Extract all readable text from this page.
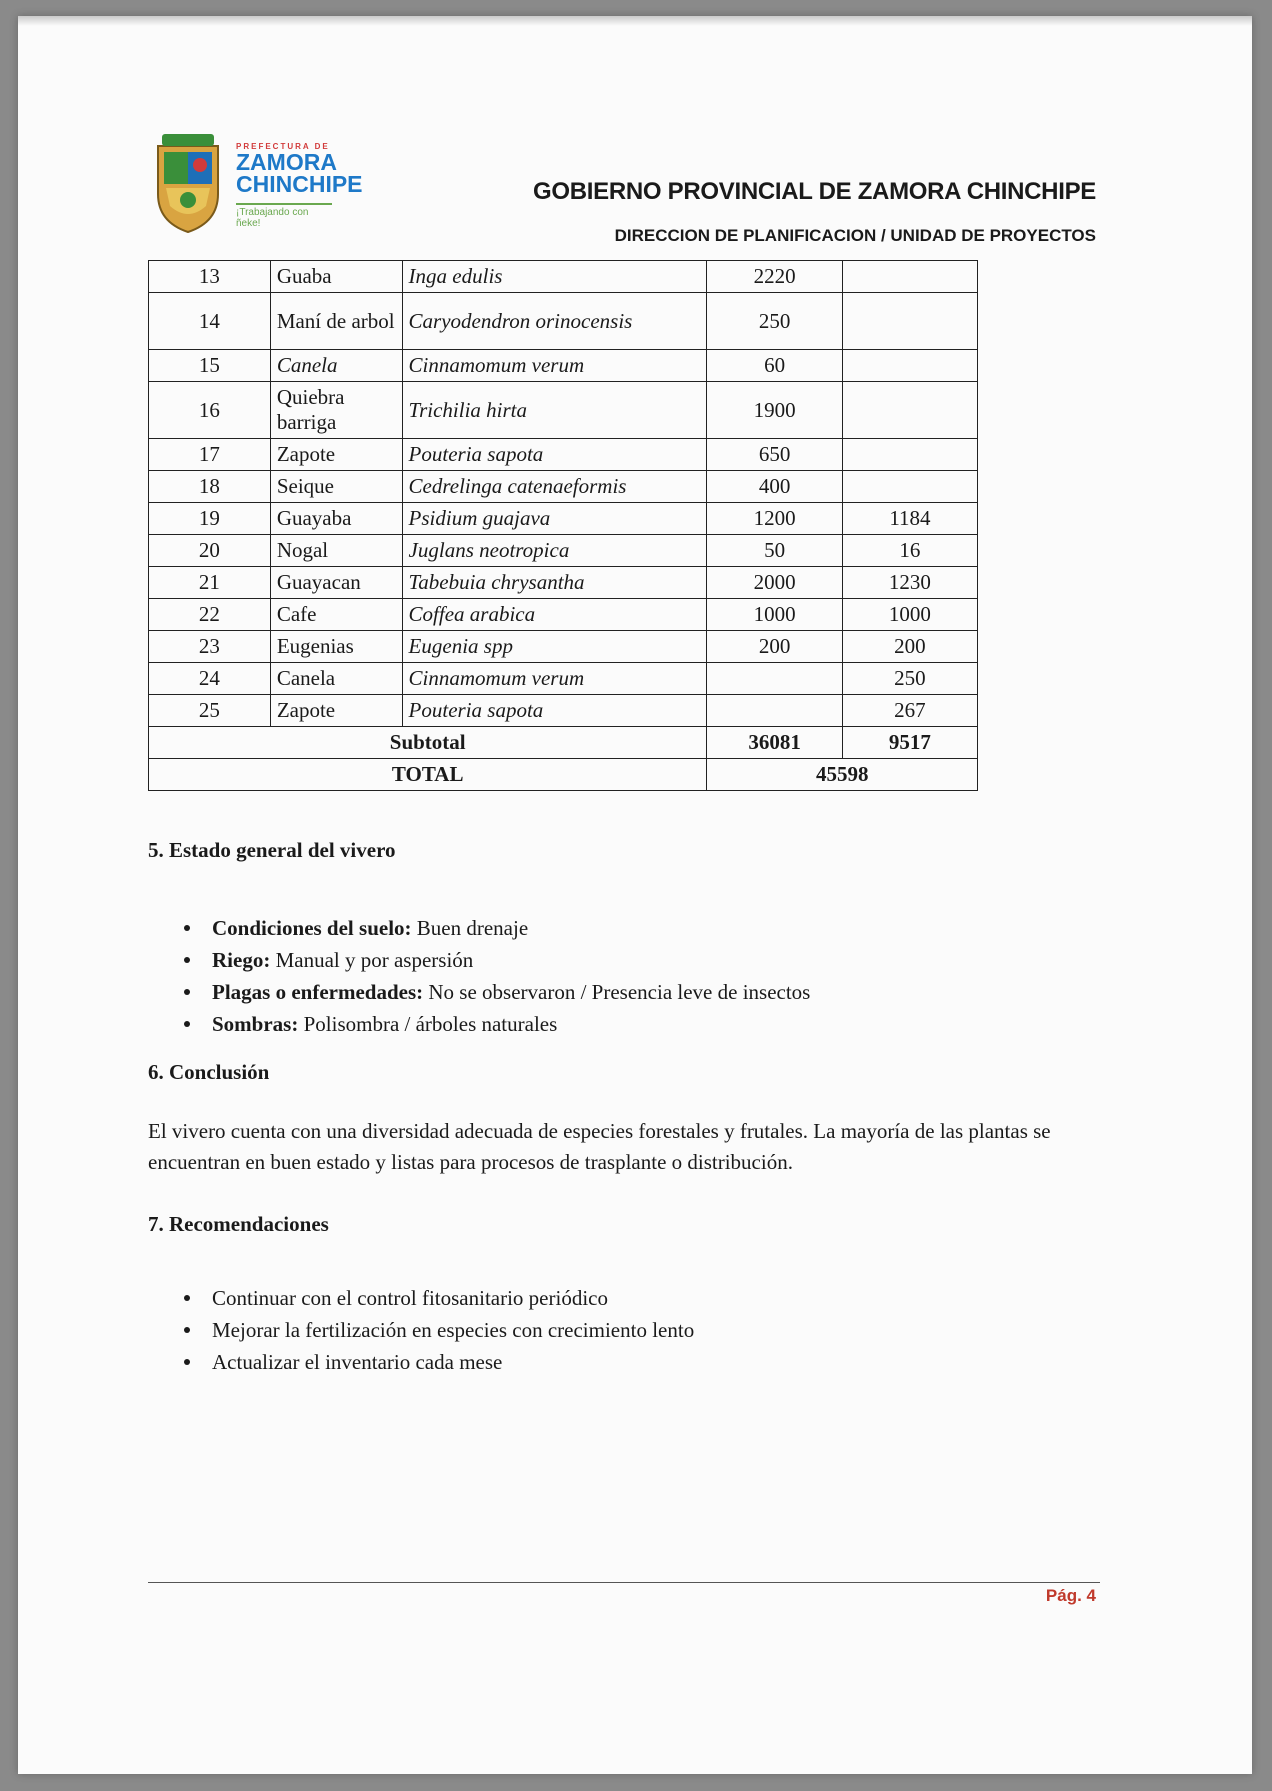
PREFECTURA DE
ZAMORA
CHINCHIPE
¡Trabajando con ñeke!
GOBIERNO PROVINCIAL DE ZAMORA CHINCHIPE
DIRECCION DE PLANIFICACION / UNIDAD DE PROYECTOS
13	Guaba	Inga edulis	2220	
14	Maní de arbol	Caryodendron orinocensis	250	
15	Canela	Cinnamomum verum	60	
16	Quiebra barriga	Trichilia hirta	1900	
17	Zapote	Pouteria sapota	650	
18	Seique	Cedrelinga catenaeformis	400	
19	Guayaba	Psidium guajava	1200	1184
20	Nogal	Juglans neotropica	50	16
21	Guayacan	Tabebuia chrysantha	2000	1230
22	Cafe	Coffea arabica	1000	1000
23	Eugenias	Eugenia spp	200	200
24	Canela	Cinnamomum verum		250
25	Zapote	Pouteria sapota		267
Subtotal			36081	9517
TOTAL			45598	
5. Estado general del vivero
Condiciones del suelo: Buen drenaje
Riego: Manual y por aspersión
Plagas o enfermedades: No se observaron / Presencia leve de insectos
Sombras: Polisombra / árboles naturales
6. Conclusión
El vivero cuenta con una diversidad adecuada de especies forestales y frutales. La mayoría de las plantas se encuentran en buen estado y listas para procesos de trasplante o distribución.
7. Recomendaciones
Continuar con el control fitosanitario periódico
Mejorar la fertilización en especies con crecimiento lento
Actualizar el inventario cada mese
Pág. 4
